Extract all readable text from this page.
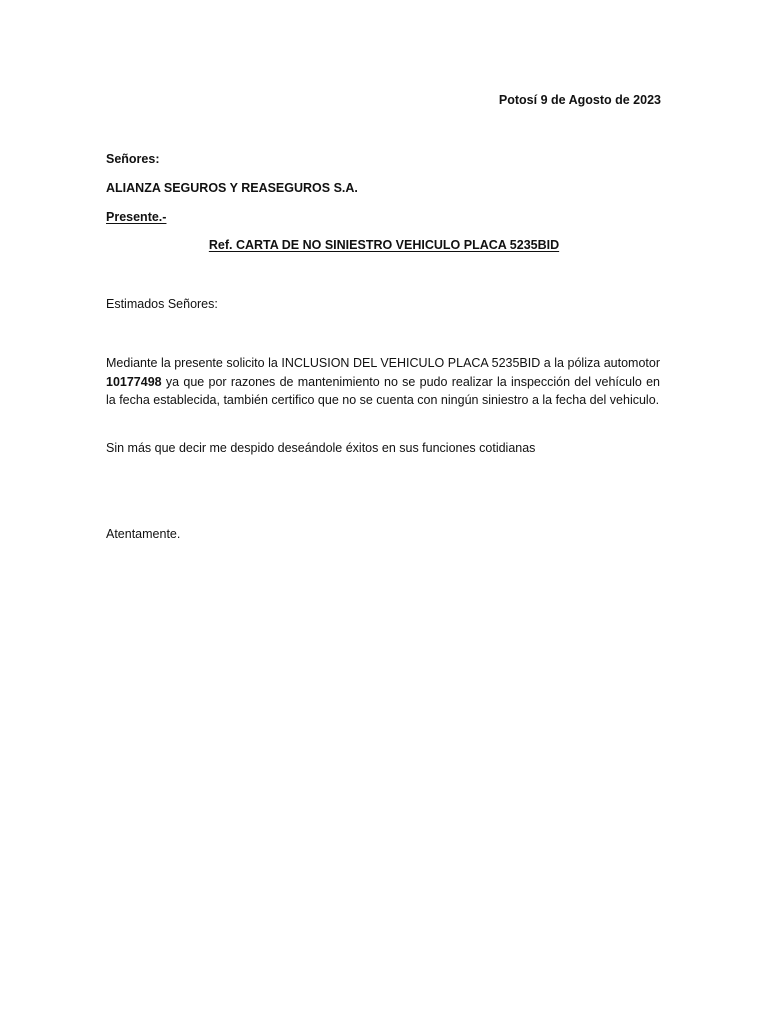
Potosí 9 de Agosto de 2023
Señores:
ALIANZA SEGUROS Y REASEGUROS S.A.
Presente.-
Ref. CARTA DE NO SINIESTRO VEHICULO PLACA 5235BID
Estimados Señores:
Mediante la presente solicito la INCLUSION DEL VEHICULO PLACA 5235BID a la póliza automotor 10177498 ya que por razones de mantenimiento no se pudo realizar la inspección del vehículo en la fecha establecida, también certifico que no se cuenta con ningún siniestro a la fecha del vehiculo.
Sin más que decir me despido deseándole éxitos en sus funciones cotidianas
Atentamente.
